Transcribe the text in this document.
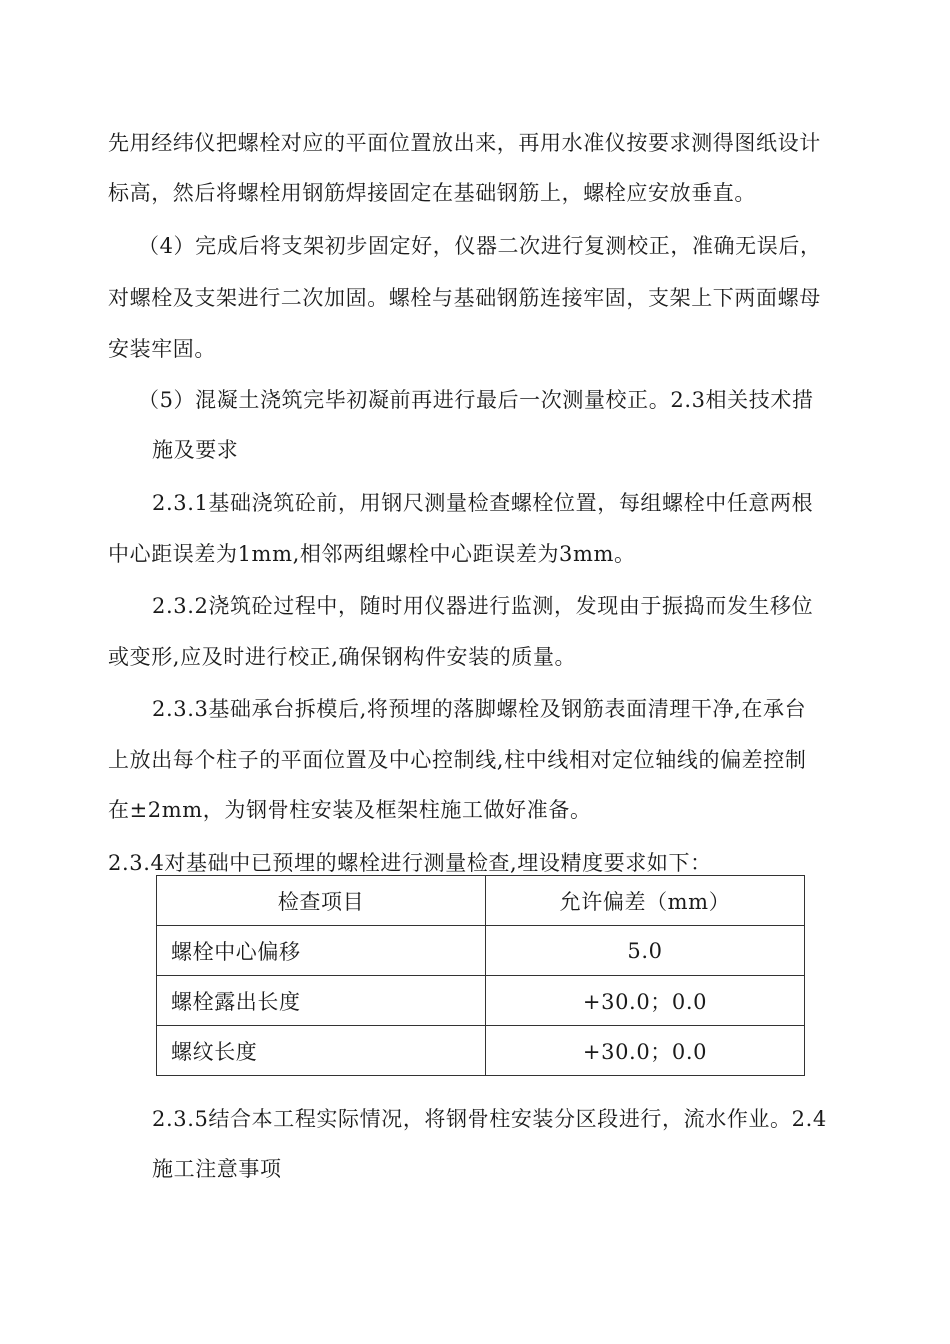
先用经纬仪把螺栓对应的平面位置放出来，再用水准仪按要求测得图纸设计
标高，然后将螺栓用钢筋焊接固定在基础钢筋上，螺栓应安放垂直。
（4）完成后将支架初步固定好，仪器二次进行复测校正，准确无误后，
对螺栓及支架进行二次加固。螺栓与基础钢筋连接牢固，支架上下两面螺母
安装牢固。
（5）混凝土浇筑完毕初凝前再进行最后一次测量校正。2.3相关技术措
施及要求
2.3.1基础浇筑砼前，用钢尺测量检查螺栓位置，每组螺栓中任意两根
中心距误差为1mm,相邻两组螺栓中心距误差为3mm。
2.3.2浇筑砼过程中，随时用仪器进行监测，发现由于振捣而发生移位
或变形,应及时进行校正,确保钢构件安装的质量。
2.3.3基础承台拆模后,将预埋的落脚螺栓及钢筋表面清理干净,在承台
上放出每个柱子的平面位置及中心控制线,柱中线相对定位轴线的偏差控制
在±2mm，为钢骨柱安装及框架柱施工做好准备。
2.3.4对基础中已预埋的螺栓进行测量检查,埋设精度要求如下：
检查项目	允许偏差（mm）
螺栓中心偏移	5.0
螺栓露出长度	+30.0；0.0
螺纹长度	+30.0；0.0
2.3.5结合本工程实际情况，将钢骨柱安装分区段进行，流水作业。2.4
施工注意事项
